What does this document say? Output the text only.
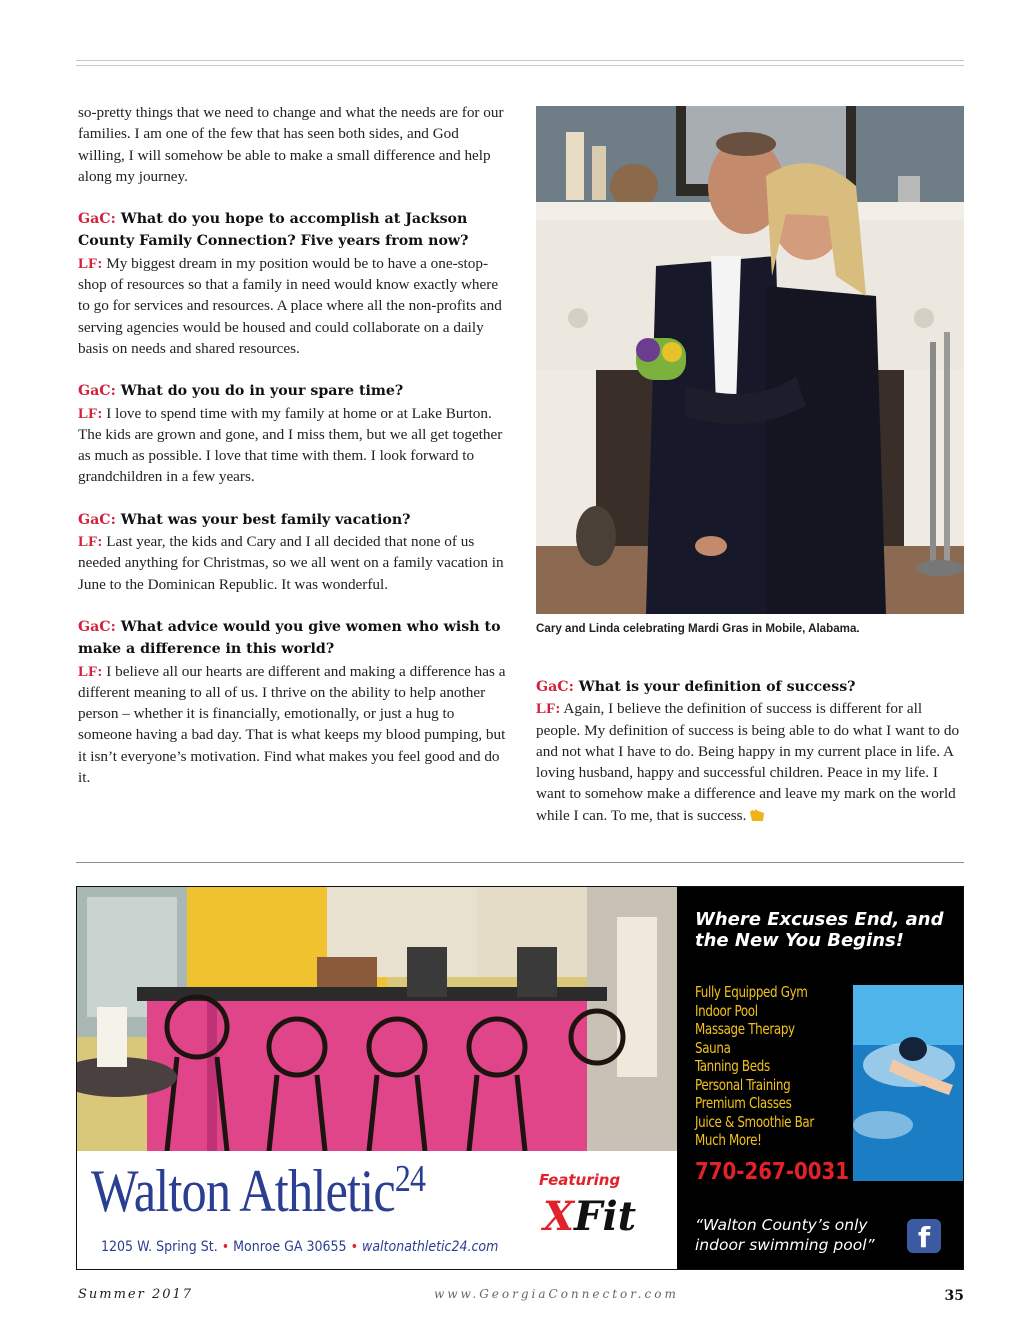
so-pretty things that we need to change and what the needs are for our families. I am one of the few that has seen both sides, and God willing, I will somehow be able to make a small difference and help along my journey.

GaC: What do you hope to accomplish at Jackson County Family Connection? Five years from now?
LF: My biggest dream in my position would be to have a one-stop-shop of resources so that a family in need would know exactly where to go for services and resources. A place where all the non-profits and serving agencies would be housed and could collaborate on a daily basis on needs and shared resources.

GaC: What do you do in your spare time?
LF: I love to spend time with my family at home or at Lake Burton. The kids are grown and gone, and I miss them, but we all get together as much as possible. I love that time with them. I look forward to grandchildren in a few years.

GaC: What was your best family vacation?
LF: Last year, the kids and Cary and I all decided that none of us needed anything for Christmas, so we all went on a family vacation in June to the Dominican Republic. It was wonderful.

GaC: What advice would you give women who wish to make a difference in this world?
LF: I believe all our hearts are different and making a difference has a different meaning to all of us. I thrive on the ability to help another person – whether it is financially, emotionally, or just a hug to someone having a bad day. That is what keeps my blood pumping, but it isn’t everyone’s motivation. Find what makes you feel good and do it.

Cary and Linda celebrating Mardi Gras in Mobile, Alabama.

GaC: What is your definition of success?
LF: Again, I believe the definition of success is different for all people. My definition of success is being able to do what I want to do and not what I have to do. Being happy in my current place in life. A loving husband, happy and successful children. Peace in my life. I want to somehow make a difference and leave my mark on the world while I can. To me, that is success.

Walton Athletic$^{24}$
1205 W. Spring St. • Monroe GA 30655 • waltonathletic24.com
Featuring
XFit
Where Excuses End, and the New You Begins!
Fully Equipped Gym
Indoor Pool
Massage Therapy
Sauna
Tanning Beds
Personal Training
Premium Classes
Juice & Smoothie Bar
Much More!
770-267-0031
“Walton County’s only indoor swimming pool”	f
Summer 2017	www.GeorgiaConnector.com	35
